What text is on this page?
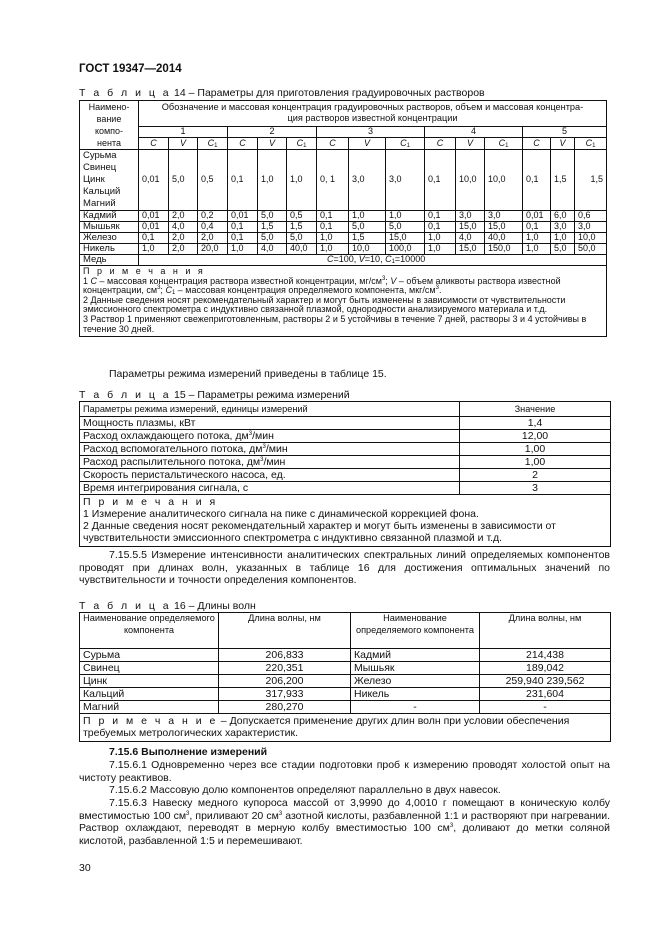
ГОСТ 19347—2014
Т а б л и ц а 14 – Параметры для приготовления градуировочных растворов
Наимено-
вание
компо-
нента	Обозначение и массовая концентрация градуировочных растворов, объем и массовая концентра-
ция растворов известной концентрации														
	1			2			3			4			5		
	C	V	$C_1$	C	V	$C_1$	C	V	$C_1$	C	V	$C_1$	C	V	$C_1$
Сурьма
Свинец
Цинк
Кальций
Магний	0,01	5,0	0,5	0,1	1,0	1,0	0, 1	3,0	3,0	0,1	10,0	10,0	0,1	1,5	1,5
Кадмий	0,01	2,0	0,2	0,01	5,0	0,5	0,1	1,0	1,0	0,1	3,0	3,0	0,01	6,0	0,6
Мышьяк	0,01	4,0	0,4	0,1	1,5	1,5	0,1	5,0	5,0	0,1	15,0	15,0	0,1	3,0	3,0
Железо	0,1	2,0	2,0	0,1	5,0	5,0	1,0	1,5	15,0	1,0	4,0	40,0	1,0	1,0	10,0
Никель	1,0	2,0	20,0	1,0	4,0	40,0	1,0	10,0	100,0	1,0	15,0	150,0	1,0	5,0	50,0
Медь	C=100, V=10, $C_1=10000$														

П р и м е ч а н и я
1 C – массовая концентрация раствора известной концентрации, $мг/см^3$; V – объем аликвоты раствора известной концентрации, $см^3$; $C_1$ – массовая концентрация определяемого компонента, мкг/$см^3$.
2 Данные сведения носят рекомендательный характер и могут быть изменены в зависимости от чувствительности эмиссионного спектрометра с индуктивно связанной плазмой, однородности анализируемого материала и т.д.
3 Раствор 1 применяют свежеприготовленным, растворы 2 и 5 устойчивы в течение 7 дней, растворы 3 и 4 устойчивы в течение 30 дней.															
Параметры режима измерений приведены в таблице 15.
Т а б л и ц а 15 – Параметры режима измерений
Параметры режима измерений, единицы измерений	Значение
Мощность плазмы, кВт	1,4
Расход охлаждающего потока, $дм^3$/мин	12,00
Расход вспомогательного потока, $дм^3$/мин	1,00
Расход распылительного потока, $дм^3$/мин	1,00
Скорость перистальтического насоса, ед.	2
Время интегрирования сигнала, с	3

П р и м е ч а н и я
1 Измерение аналитического сигнала на пике с динамической коррекцией фона.
2 Данные сведения носят рекомендательный характер и могут быть изменены в зависимости от чувствительности эмиссионного спектрометра с индуктивно связанной плазмой и т.д.	
7.15.5.5 Измерение интенсивности аналитических спектральных линий определяемых компонентов проводят при длинах волн, указанных в таблице 16 для достижения оптимальных значений по чувствительности и точности определения компонентов.
Т а б л и ц а 16 – Длины волн
Наименование определяемого компонента	Длина волны, нм	Наименование определяемого компонента	Длина волны, нм
Сурьма	206,833	Кадмий	214,438
Свинец	220,351	Мышьяк	189,042
Цинк	206,200	Железо	259,940 239,562
Кальций	317,933	Никель	231,604
Магний	280,270	-	-
П р и м е ч а н и е – Допускается применение других длин волн при условии обеспечения требуемых метрологических характеристик.			
7.15.6 Выполнение измерений
7.15.6.1 Одновременно через все стадии подготовки проб к измерению проводят холостой опыт на чистоту реактивов.
7.15.6.2 Массовую долю компонентов определяют параллельно в двух навесок.
7.15.6.3 Навеску медного купороса массой от 3,9990 до 4,0010 г помещают в коническую колбу вместимостью 100 $см^3$, приливают 20 $см^3$ азотной кислоты, разбавленной 1:1 и растворяют при нагревании. Раствор охлаждают, переводят в мерную колбу вместимостью 100 $см^3$, доливают до метки соляной кислотой, разбавленной 1:5 и перемешивают.
30
